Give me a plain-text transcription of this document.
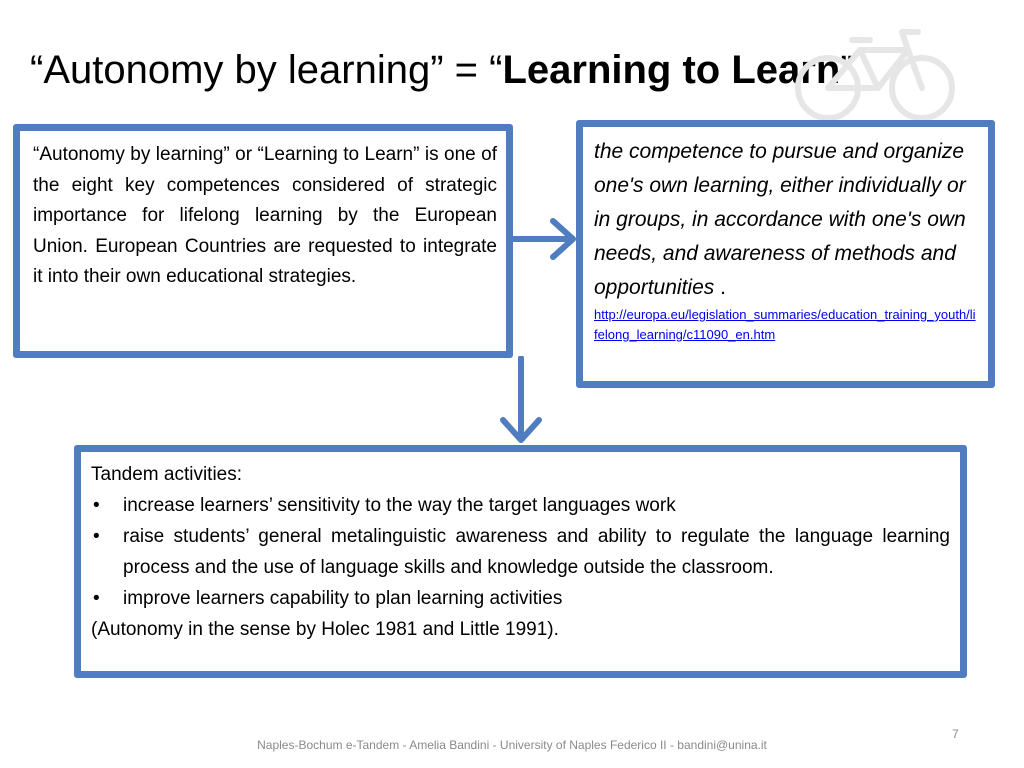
“Autonomy by learning” = “Learning to Learn”
“Autonomy by learning” or “Learning to Learn” is one of the eight key competences considered of strategic importance for lifelong learning by the European Union. European Countries are requested to integrate it into their own educational strategies.
the competence to pursue and organize one's own learning, either individually or in groups, in accordance with one's own needs, and awareness of methods and opportunities .
http://europa.eu/legislation_summaries/education_training_youth/lifelong_learning/c11090_en.htm
Tandem activities:
• increase learners’ sensitivity to the way the target languages work
• raise students’ general metalinguistic awareness and ability to regulate the language learning process and the use of language skills and knowledge outside the classroom.
• improve learners capability to plan learning activities
(Autonomy in the sense by Holec 1981 and Little 1991).
7
Naples-Bochum e-Tandem - Amelia Bandini - University of Naples Federico II - bandini@unina.it
